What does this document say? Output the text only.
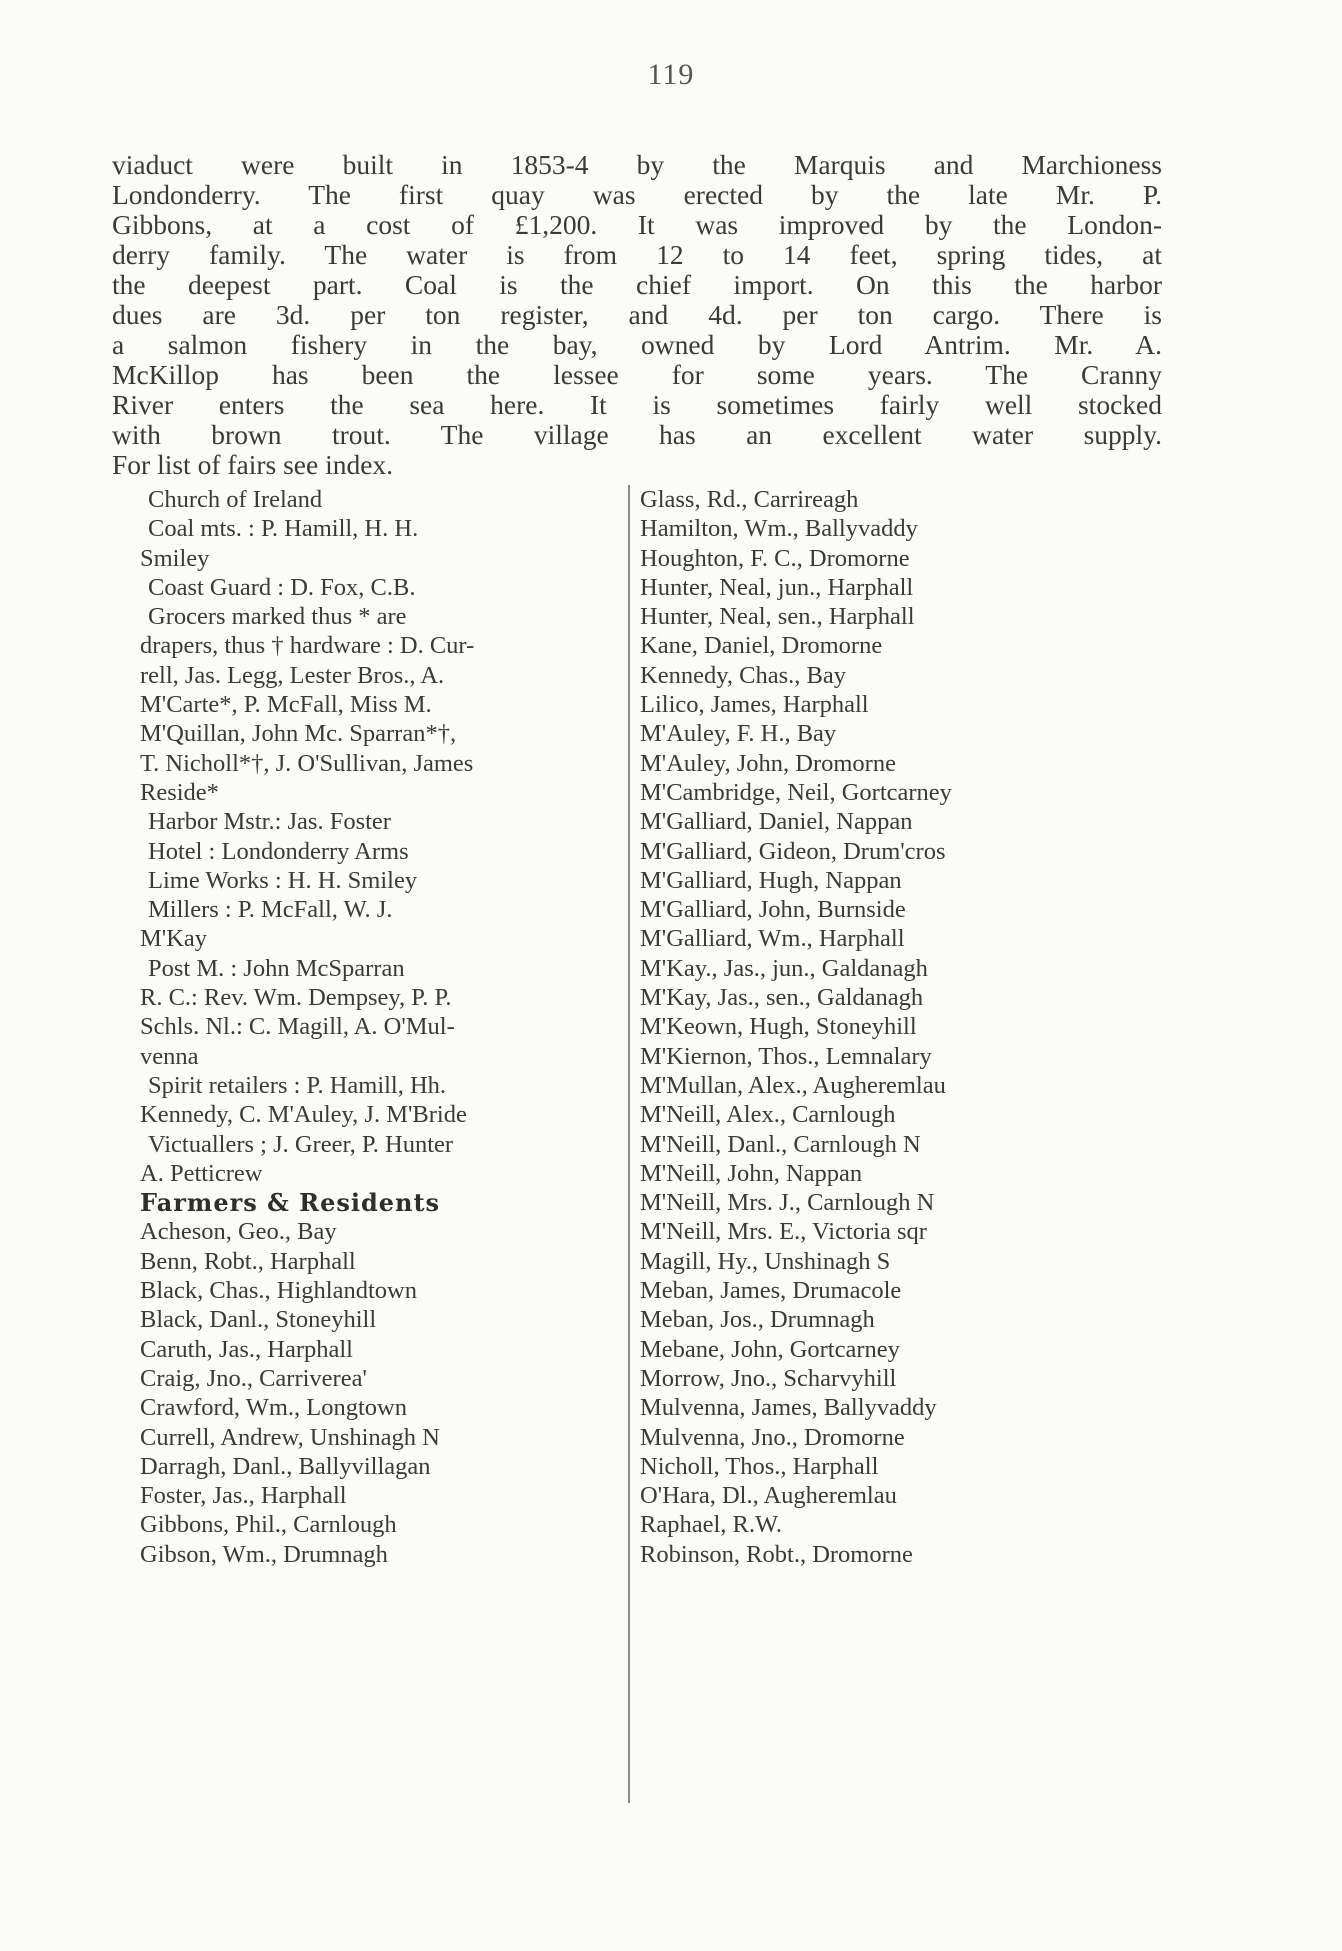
119
viaduct were built in 1853-4 by the Marquis and Marchioness
Londonderry. The first quay was erected by the late Mr. P.
Gibbons, at a cost of £1,200. It was improved by the London-
derry family. The water is from 12 to 14 feet, spring tides, at
the deepest part. Coal is the chief import. On this the harbor
dues are 3d. per ton register, and 4d. per ton cargo. There is
a salmon fishery in the bay, owned by Lord Antrim. Mr. A.
McKillop has been the lessee for some years. The Cranny
River enters the sea here. It is sometimes fairly well stocked
with brown trout. The village has an excellent water supply.
For list of fairs see index.
Church of Ireland
Coal mts. : P. Hamill, H. H.
Smiley
Coast Guard : D. Fox, C.B.
Grocers marked thus * are
drapers, thus † hardware : D. Cur-
rell, Jas. Legg, Lester Bros., A.
M'Carte*, P. McFall, Miss M.
M'Quillan, John Mc. Sparran*†,
T. Nicholl*†, J. O'Sullivan, James
Reside*
Harbor Mstr.: Jas. Foster
Hotel : Londonderry Arms
Lime Works : H. H. Smiley
Millers : P. McFall, W. J.
M'Kay
Post M. : John McSparran
R. C.: Rev. Wm. Dempsey, P. P.
Schls. Nl.: C. Magill, A. O'Mul-
venna
Spirit retailers : P. Hamill, Hh.
Kennedy, C. M'Auley, J. M'Bride
Victuallers ; J. Greer, P. Hunter
A. Petticrew
Farmers & Residents
Acheson, Geo., Bay
Benn, Robt., Harphall
Black, Chas., Highlandtown
Black, Danl., Stoneyhill
Caruth, Jas., Harphall
Craig, Jno., Carriverea'
Crawford, Wm., Longtown
Currell, Andrew, Unshinagh N
Darragh, Danl., Ballyvillagan
Foster, Jas., Harphall
Gibbons, Phil., Carnlough
Gibson, Wm., Drumnagh
Glass, Rd., Carrireagh
Hamilton, Wm., Ballyvaddy
Houghton, F. C., Dromorne
Hunter, Neal, jun., Harphall
Hunter, Neal, sen., Harphall
Kane, Daniel, Dromorne
Kennedy, Chas., Bay
Lilico, James, Harphall
M'Auley, F. H., Bay
M'Auley, John, Dromorne
M'Cambridge, Neil, Gortcarney
M'Galliard, Daniel, Nappan
M'Galliard, Gideon, Drum'cros
M'Galliard, Hugh, Nappan
M'Galliard, John, Burnside
M'Galliard, Wm., Harphall
M'Kay., Jas., jun., Galdanagh
M'Kay, Jas., sen., Galdanagh
M'Keown, Hugh, Stoneyhill
M'Kiernon, Thos., Lemnalary
M'Mullan, Alex., Augheremlau
M'Neill, Alex., Carnlough
M'Neill, Danl., Carnlough N
M'Neill, John, Nappan
M'Neill, Mrs. J., Carnlough N
M'Neill, Mrs. E., Victoria sqr
Magill, Hy., Unshinagh S
Meban, James, Drumacole
Meban, Jos., Drumnagh
Mebane, John, Gortcarney
Morrow, Jno., Scharvyhill
Mulvenna, James, Ballyvaddy
Mulvenna, Jno., Dromorne
Nicholl, Thos., Harphall
O'Hara, Dl., Augheremlau
Raphael, R.W.
Robinson, Robt., Dromorne
